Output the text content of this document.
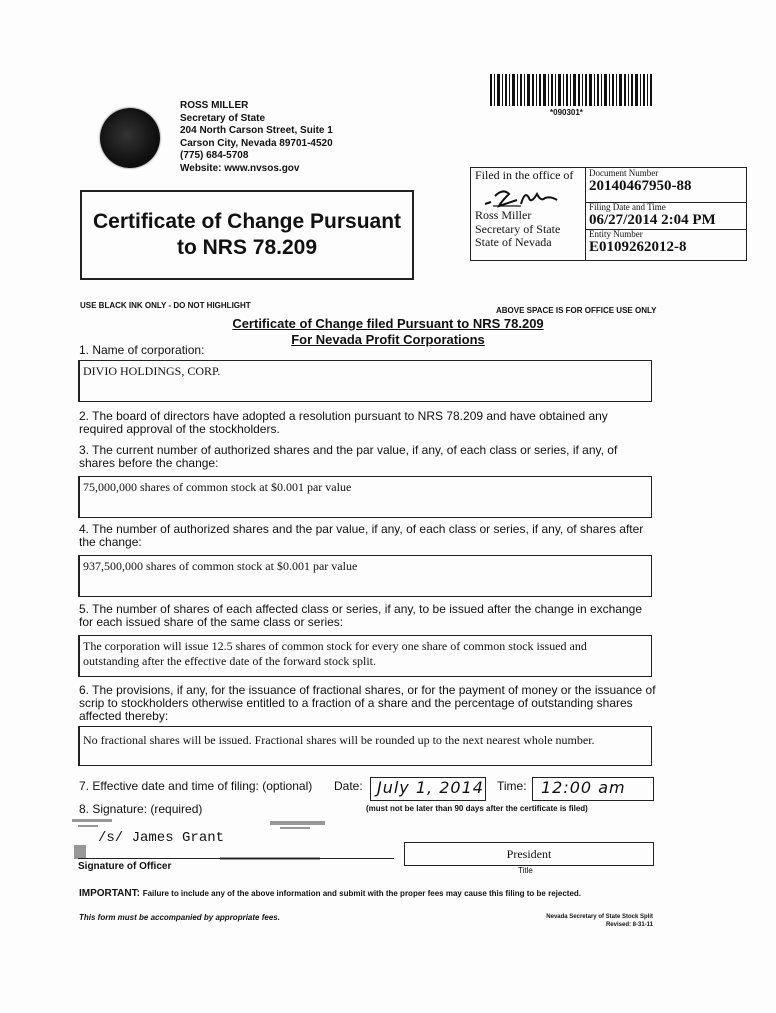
ROSS MILLER
Secretary of State
204 North Carson Street, Suite 1
Carson City, Nevada 89701-4520
(775) 684-5708
Website: www.nvsos.gov
*090301*
Certificate of Change Pursuant
to NRS 78.209
Filed in the office of
Ross Miller
Secretary of State
State of Nevada
Document Number
20140467950-88
Filing Date and Time
06/27/2014 2:04 PM
Entity Number
E0109262012-8
USE BLACK INK ONLY - DO NOT HIGHLIGHT
ABOVE SPACE IS FOR OFFICE USE ONLY
Certificate of Change filed Pursuant to NRS 78.209
For Nevada Profit Corporations
1. Name of corporation:
DIVIO HOLDINGS, CORP.
2. The board of directors have adopted a resolution pursuant to NRS 78.209 and have obtained any
required approval of the stockholders.
3. The current number of authorized shares and the par value, if any, of each class or series, if any, of
shares before the change:
75,000,000 shares of common stock at $0.001 par value
4. The number of authorized shares and the par value, if any, of each class or series, if any, of shares after
the change:
937,500,000 shares of common stock at $0.001 par value
5. The number of shares of each affected class or series, if any, to be issued after the change in exchange
for each issued share of the same class or series:
The corporation will issue 12.5 shares of common stock for every one share of common stock issued and
outstanding after the effective date of the forward stock split.
6. The provisions, if any, for the issuance of fractional shares, or for the payment of money or the issuance of
scrip to stockholders otherwise entitled to a fraction of a share and the percentage of outstanding shares
affected thereby:
No fractional shares will be issued. Fractional shares will be rounded up to the next nearest whole number.
7. Effective date and time of filing: (optional)	Date: July 1, 2014 Time: 12:00 am
(must not be later than 90 days after the certificate is filed)
8. Signature: (required)
/s/ James Grant
Signature of Officer
President
Title
IMPORTANT: Failure to include any of the above information and submit with the proper fees may cause this filing to be rejected.
This form must be accompanied by appropriate fees.	Nevada Secretary of State Stock Split
Revised: 8-31-11
